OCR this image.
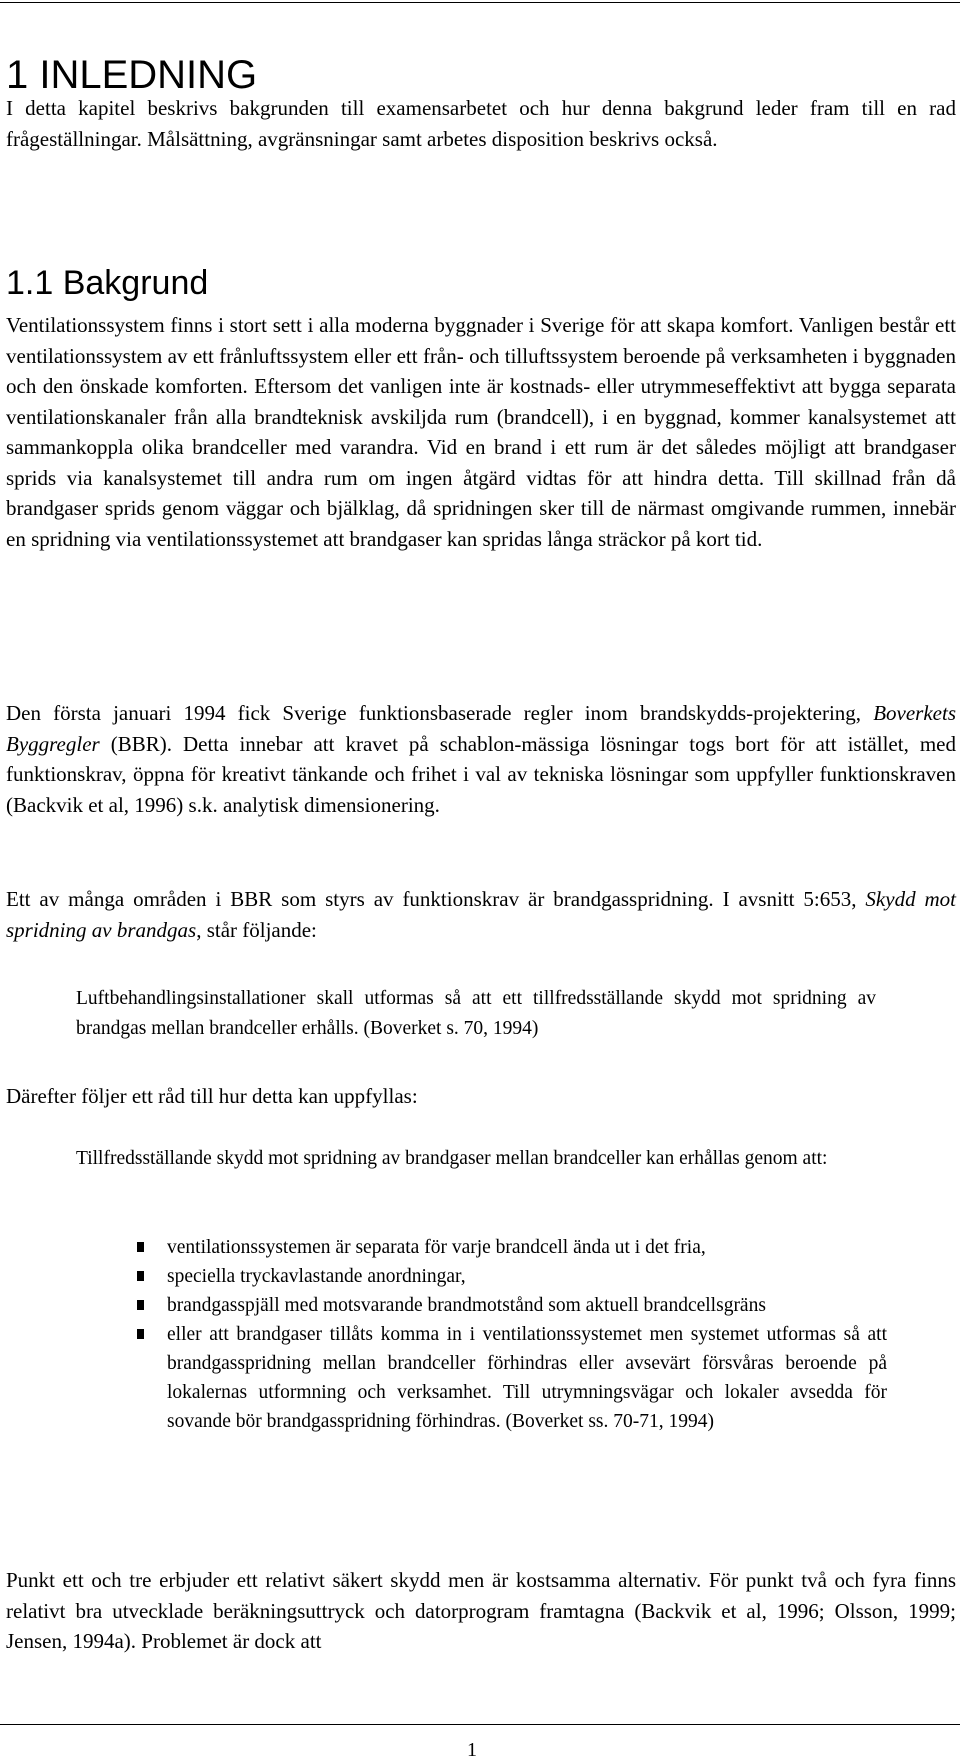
1 INLEDNING

I detta kapitel beskrivs bakgrunden till examensarbetet och hur denna bakgrund leder fram till en rad frågeställningar. Målsättning, avgränsningar samt arbetes disposition beskrivs också.

1.1 Bakgrund

Ventilationssystem finns i stort sett i alla moderna byggnader i Sverige för att skapa komfort. Vanligen består ett ventilationssystem av ett frånluftssystem eller ett från- och tilluftssystem beroende på verksamheten i byggnaden och den önskade komforten. Eftersom det vanligen inte är kostnads- eller utrymmeseffektivt att bygga separata ventilationskanaler från alla brandteknisk avskiljda rum (brandcell), i en byggnad, kommer kanalsystemet att sammankoppla olika brandceller med varandra. Vid en brand i ett rum är det således möjligt att brandgaser sprids via kanalsystemet till andra rum om ingen åtgärd vidtas för att hindra detta. Till skillnad från då brandgaser sprids genom väggar och bjälklag, då spridningen sker till de närmast omgivande rummen, innebär en spridning via ventilationssystemet att brandgaser kan spridas långa sträckor på kort tid.

Den första januari 1994 fick Sverige funktionsbaserade regler inom brandskydds-projektering, Boverkets Byggregler (BBR). Detta innebar att kravet på schablon-mässiga lösningar togs bort för att istället, med funktionskrav, öppna för kreativt tänkande och frihet i val av tekniska lösningar som uppfyller funktionskraven (Backvik et al, 1996) s.k. analytisk dimensionering.

Ett av många områden i BBR som styrs av funktionskrav är brandgasspridning. I avsnitt 5:653, Skydd mot spridning av brandgas, står följande:

Luftbehandlingsinstallationer skall utformas så att ett tillfredsställande skydd mot spridning av brandgas mellan brandceller erhålls. (Boverket s. 70, 1994)

Därefter följer ett råd till hur detta kan uppfyllas:

Tillfredsställande skydd mot spridning av brandgaser mellan brandceller kan erhållas genom att:

ventilationssystemen är separata för varje brandcell ända ut i det fria,
speciella tryckavlastande anordningar,
brandgasspjäll med motsvarande brandmotstånd som aktuell brandcellsgräns
eller att brandgaser tillåts komma in i ventilationssystemet men systemet utformas så att brandgasspridning mellan brandceller förhindras eller avsevärt försvåras beroende på lokalernas utformning och verksamhet. Till utrymningsvägar och lokaler avsedda för sovande bör brandgasspridning förhindras. (Boverket ss. 70-71, 1994)

Punkt ett och tre erbjuder ett relativt säkert skydd men är kostsamma alternativ. För punkt två och fyra finns relativt bra utvecklade beräkningsuttryck och datorprogram framtagna (Backvik et al, 1996; Olsson, 1999; Jensen, 1994a). Problemet är dock att

1
